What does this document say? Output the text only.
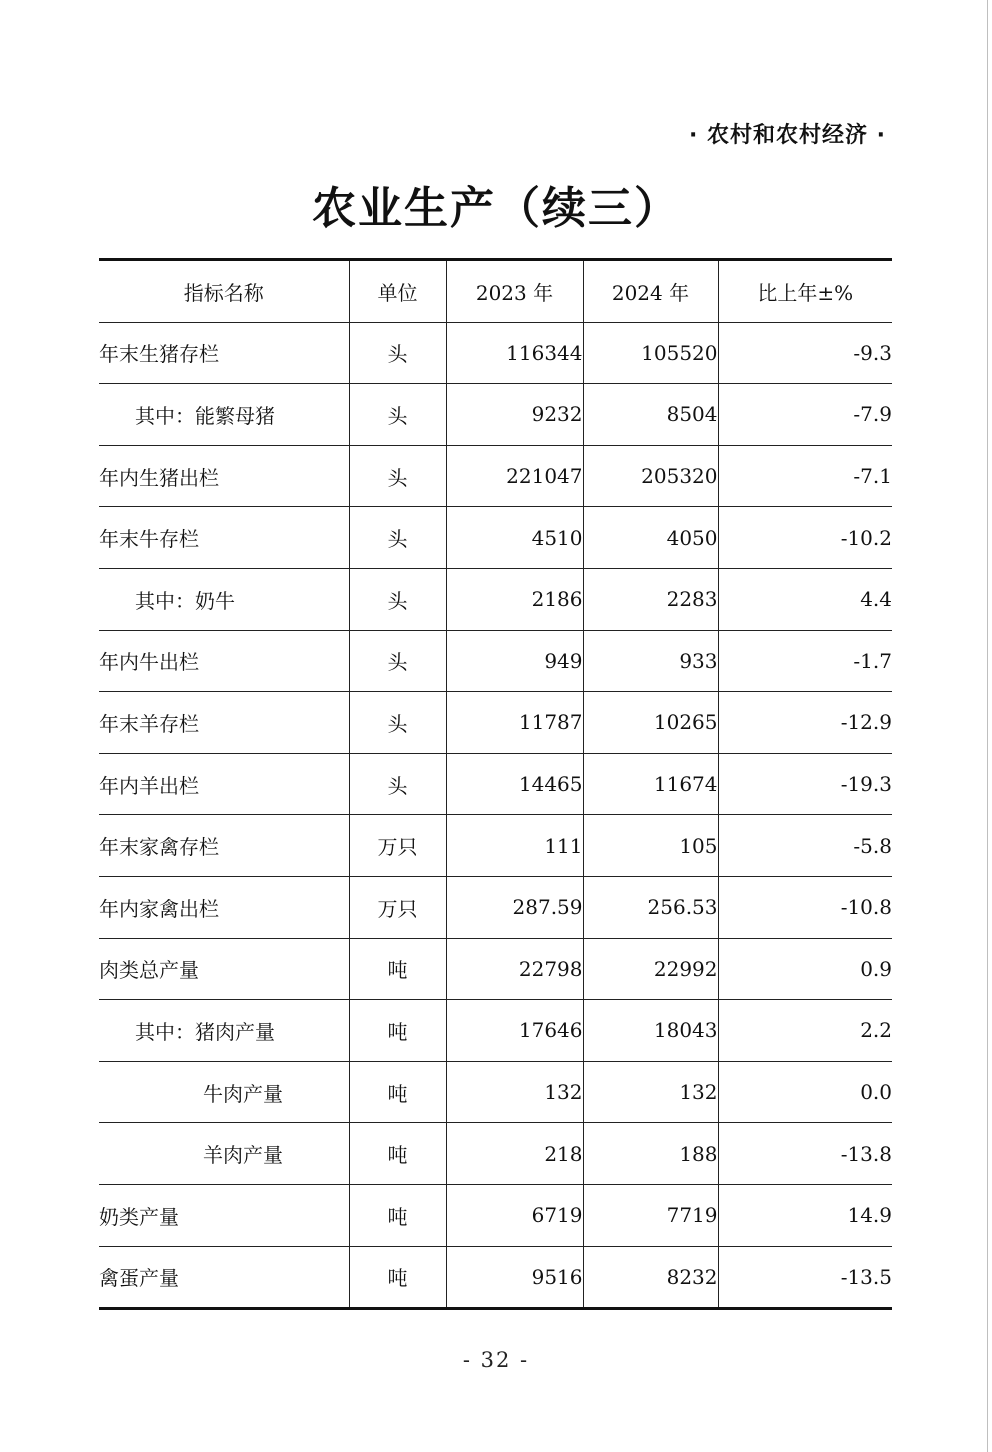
· 农村和农村经济 ·
农业生产（续三）
指标名称	单位	2023 年	2024 年	比上年±%
年末生猪存栏	头	116344	105520	-9.3
其中：能繁母猪	头	9232	8504	-7.9
年内生猪出栏	头	221047	205320	-7.1
年末牛存栏	头	4510	4050	-10.2
其中：奶牛	头	2186	2283	4.4
年内牛出栏	头	949	933	-1.7
年末羊存栏	头	11787	10265	-12.9
年内羊出栏	头	14465	11674	-19.3
年末家禽存栏	万只	111	105	-5.8
年内家禽出栏	万只	287.59	256.53	-10.8
肉类总产量	吨	22798	22992	0.9
其中：猪肉产量	吨	17646	18043	2.2
牛肉产量	吨	132	132	0.0
羊肉产量	吨	218	188	-13.8
奶类产量	吨	6719	7719	14.9
禽蛋产量	吨	9516	8232	-13.5
- 32 -
